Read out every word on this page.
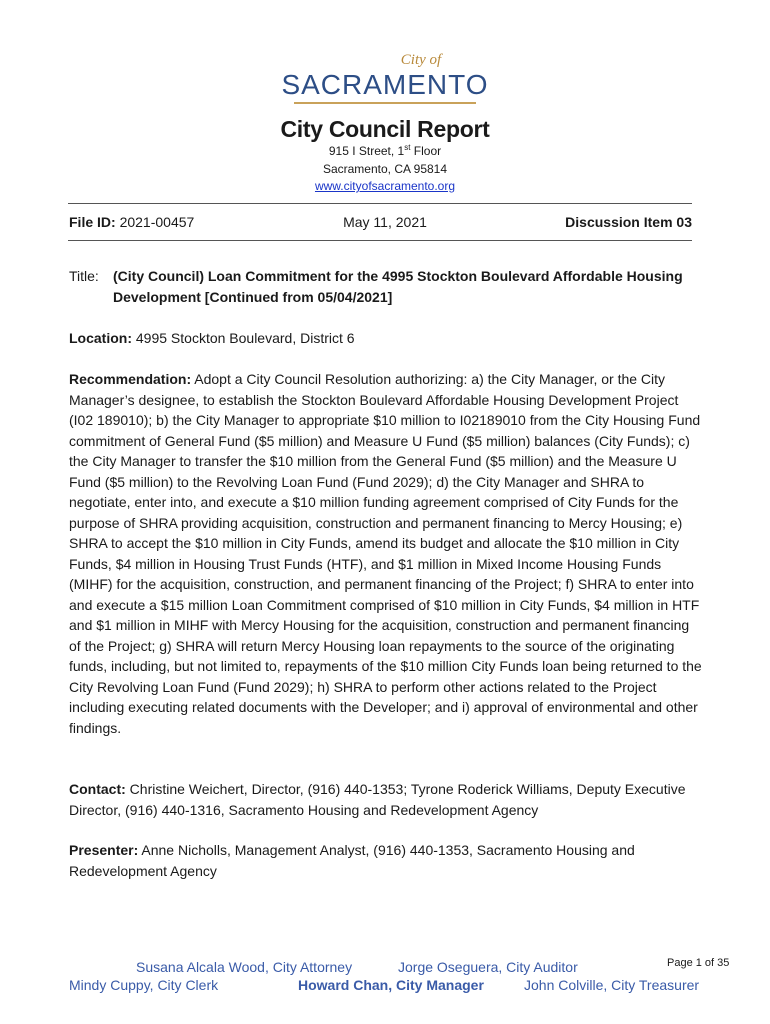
City of
SACRAMENTO
City Council Report
915 I Street, 1st Floor
Sacramento, CA 95814
www.cityofsacramento.org
File ID: 2021-00457	May 11, 2021	Discussion Item 03
Title: (City Council) Loan Commitment for the 4995 Stockton Boulevard Affordable Housing Development [Continued from 05/04/2021]
Location: 4995 Stockton Boulevard, District 6
Recommendation: Adopt a City Council Resolution authorizing: a) the City Manager, or the City Manager’s designee, to establish the Stockton Boulevard Affordable Housing Development Project (I02 189010); b) the City Manager to appropriate $10 million to I02189010 from the City Housing Fund commitment of General Fund ($5 million) and Measure U Fund ($5 million) balances (City Funds); c) the City Manager to transfer the $10 million from the General Fund ($5 million) and the Measure U Fund ($5 million) to the Revolving Loan Fund (Fund 2029); d) the City Manager and SHRA to negotiate, enter into, and execute a $10 million funding agreement comprised of City Funds for the purpose of SHRA providing acquisition, construction and permanent financing to Mercy Housing; e) SHRA to accept the $10 million in City Funds, amend its budget and allocate the $10 million in City Funds, $4 million in Housing Trust Funds (HTF), and $1 million in Mixed Income Housing Funds (MIHF) for the acquisition, construction, and permanent financing of the Project; f) SHRA to enter into and execute a $15 million Loan Commitment comprised of $10 million in City Funds, $4 million in HTF and $1 million in MIHF with Mercy Housing for the acquisition, construction and permanent financing of the Project; g) SHRA will return Mercy Housing loan repayments to the source of the originating funds, including, but not limited to, repayments of the $10 million City Funds loan being returned to the City Revolving Loan Fund (Fund 2029); h) SHRA to perform other actions related to the Project including executing related documents with the Developer; and i) approval of environmental and other findings.
Contact: Christine Weichert, Director, (916) 440-1353; Tyrone Roderick Williams, Deputy Executive Director, (916) 440-1316, Sacramento Housing and Redevelopment Agency
Presenter: Anne Nicholls, Management Analyst, (916) 440-1353, Sacramento Housing and Redevelopment Agency
Susana Alcala Wood, City Attorney	Jorge Oseguera, City Auditor	Page 1 of 35
Mindy Cuppy, City Clerk	Howard Chan, City Manager	John Colville, City Treasurer
